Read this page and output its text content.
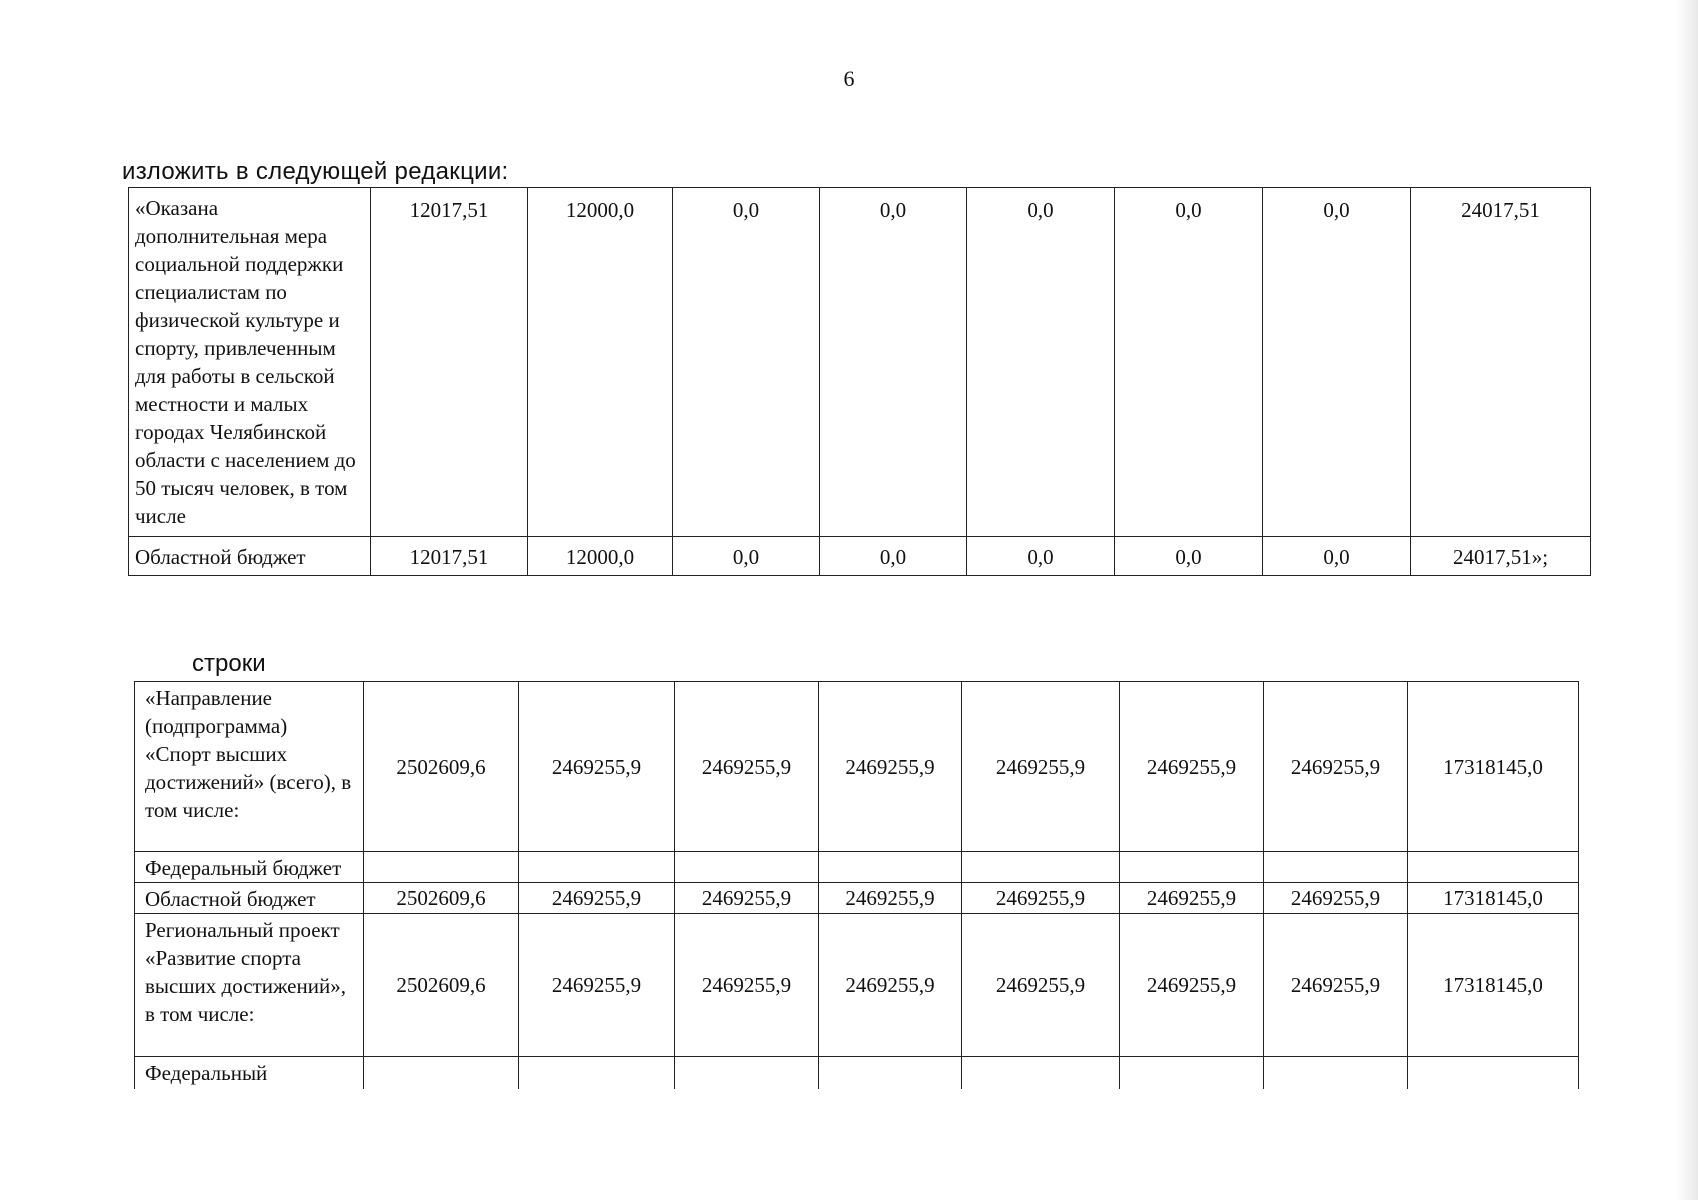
6
изложить в следующей редакции:
«Оказана дополнительная мера социальной поддержки специалистам по физической культуре и спорту, привлеченным для работы в сельской местности и малых городах Челябинской области с населением до 50 тысяч человек, в том числе	12017,51	12000,0	0,0	0,0	0,0	0,0	0,0	24017,51
Областной бюджет	12017,51	12000,0	0,0	0,0	0,0	0,0	0,0	24017,51»;
строки
«Направление (подпрограмма) «Спорт высших достижений» (всего), в том числе:	2502609,6	2469255,9	2469255,9	2469255,9	2469255,9	2469255,9	2469255,9	17318145,0
Федеральный бюджет								
Областной бюджет	2502609,6	2469255,9	2469255,9	2469255,9	2469255,9	2469255,9	2469255,9	17318145,0
Региональный проект «Развитие спорта высших достижений», в том числе:	2502609,6	2469255,9	2469255,9	2469255,9	2469255,9	2469255,9	2469255,9	17318145,0
Федеральный								
